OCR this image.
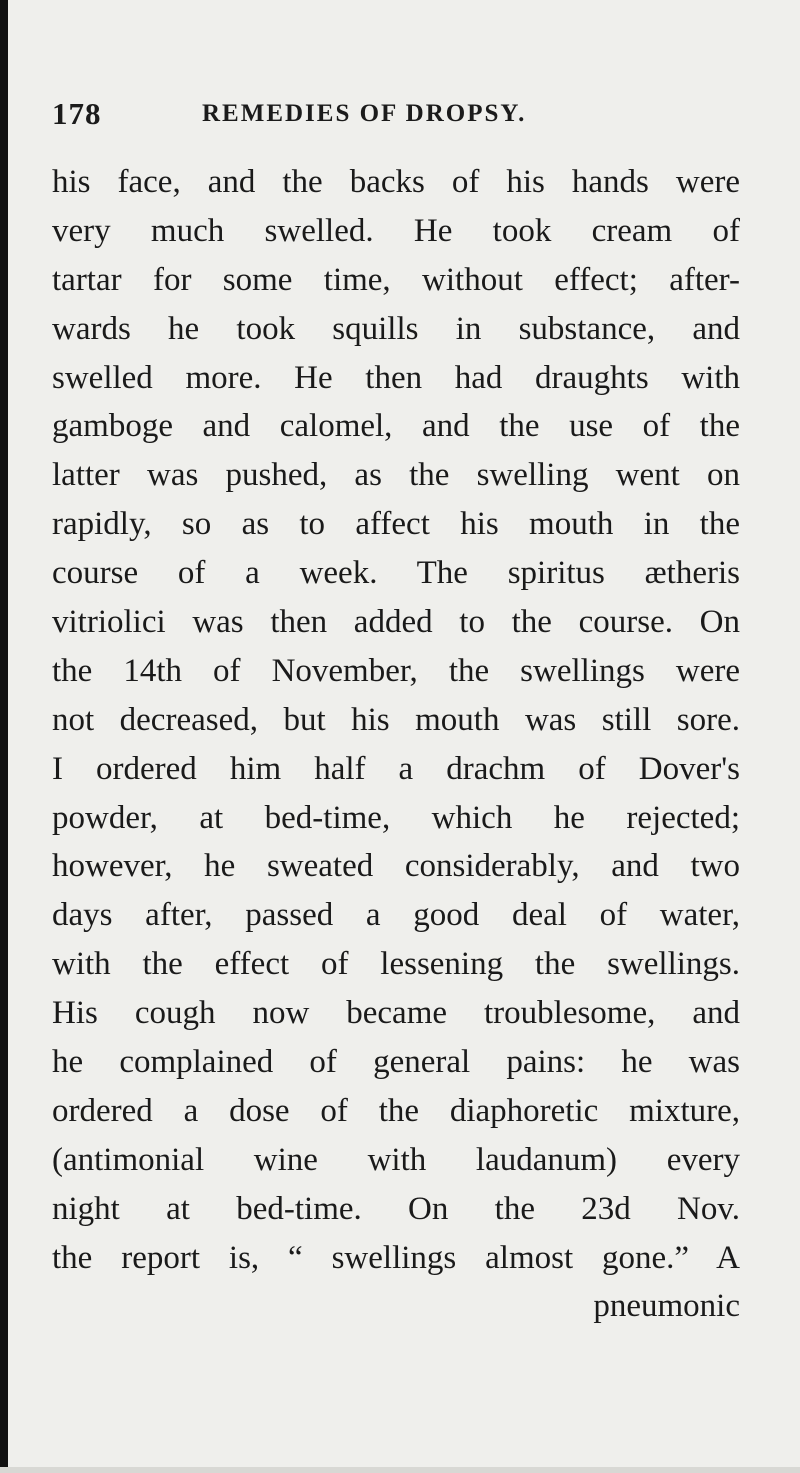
178	REMEDIES OF DROPSY.
his face, and the backs of his hands were
very much swelled. He took cream of
tartar for some time, without effect; after-
wards he took squills in substance, and
swelled more. He then had draughts with
gamboge and calomel, and the use of the
latter was pushed, as the swelling went on
rapidly, so as to affect his mouth in the
course of a week. The spiritus ætheris
vitriolici was then added to the course. On
the 14th of November, the swellings were
not decreased, but his mouth was still sore.
I ordered him half a drachm of Dover's
powder, at bed-time, which he rejected;
however, he sweated considerably, and two
days after, passed a good deal of water,
with the effect of lessening the swellings.
His cough now became troublesome, and
he complained of general pains: he was
ordered a dose of the diaphoretic mixture,
(antimonial wine with laudanum) every
night at bed-time. On the 23d Nov.
the report is, “ swellings almost gone.” A
pneumonic
